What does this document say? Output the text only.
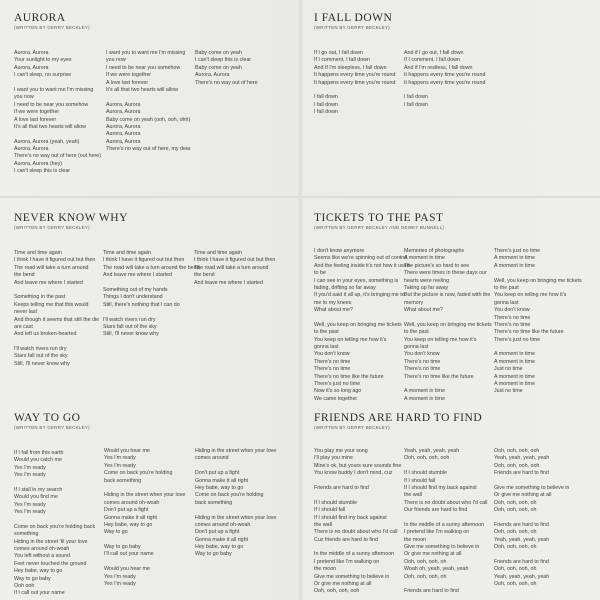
AURORA
(WRITTEN BY GERRY BECKLEY)
Aurora, Aurora
Your sunlight to my eyes
Aurora, Aurora
I can't sleep, no surprise
I want you to want me I'm missing
you now
I need to be near you somehow
If we were together
A love last forever
It's all that two hearts will allow
Aurora, Aurora (yeah, yeah)
Aurora, Aurora
There's no way out of here (out here)
Aurora, Aurora (hey)
I can't sleep this is clear
I want you to want me I'm missing
you now
I need to be near you somehow
If we were together
A love last forever
It's all that two hearts will allow
Aurora, Aurora
Aurora, Aurora
Baby come on yeah (ooh, ooh, ohh)
Aurora, Aurora
Aurora, Aurora
Aurora, Aurora
There's no way out of here, my dear
Baby come on yeah
I can't sleep this is clear
Baby come on yeah
Aurora, Aurora
There's no way out of here
I FALL DOWN
(WRITTEN BY GERRY BECKLEY)
If I go out, I fall down
If I comment, I fall down
And If I'm sleepless, I fall down
It happens every time you're round
It happens every time you're round
I fall down
I fall down
I fall down
And if I go out, I fall down
If I comment, I fall down
And if I'm restless, I fall down
It happens every time you're round
It happens every time you're round
I fall down
I fall down
NEVER KNOW WHY
(WRITTEN BY GERRY BECKLEY)
Time and time again
I think I have it figured out but then
The road will take a turn around
the bend
And leave me where I started
Something in the past
Keeps telling me that this would
never last
And though it seems that still the die
are cast
And left us broken-hearted
I'll watch rivers run dry
Stars fall out of the sky
Still, I'll never know why
Time and time again
I think I have it figured out but then
The road will take a turn around the bend
And leave me where I started
Something out of my hands
Things I don't understand
Still, there's nothing that I can do
I'll watch rivers run dry
Stars fall out of the sky
Still, I'll never know why
Time and time again
I think I have it figured out but then
The road will take a turn around
the bend
And leave me where I started
TICKETS TO THE PAST
(WRITTEN BY GERRY BECKLEY AND DEWEY BUNNELL)
I don't know anymore
Seems like we're spinning out of control
And the feeling inside it's not how it used
to be
I can see in your eyes, something is
fading, drifting so far away
If you'd said it all up, it's bringing me to
me to my knees
What about me?
Well, you keep on bringing me tickets
to the past
You keep on telling me how it's
gonna last
You don't know
There's no time
There's no time
There's no time like the future
There's just no time
Now it's so long ago
We came together
Memories of photographs
A moment in time
The picture's so hard to see
There were times in these days our
hearts were reeling
Taking up far away
But the picture is now, faded with the
memory
What about me?
Well, you keep on bringing me tickets
to the past
You keep on telling me how it's
gonna last
You don't know
There's no time
There's no time
There's no time like the future
A moment in time
A moment in time
There's just no time
A moment in time
A moment in time
Well, you keep on bringing me tickets
to the past
You keep on telling me how it's
gonna last
You don't know
There's no time
There's no time
There's no time like the future
There's just no time
A moment in time
A moment in time
Just no time
A moment in time
A moment in time
Just no time
WAY TO GO
(WRITTEN BY GERRY BECKLEY)
If I fall from this earth
Would you catch me
Yes I'm ready
Yes I'm ready
If I stall in my search
Would you find me
Yes I'm ready
Yes I'm ready
Come on back you're holding back
something
Hiding in the street 'til your love
comes around oh-woah
You left without a sound
Feet never touched the ground
Hey babe, way to go
Way to go baby
Ooh ooh
If I call out your name
Would you hear me
Yes I'm ready
Yes I'm ready
Come on back you're holding
back something
Hiding in the street when your love
comes around oh-woah
Don't put up a fight
Gonna make it all right
Hey babe, way to go
Way to go
Way to go baby
I'll call out your name
Would you hear me
Yes I'm ready
Yes I'm ready
Hiding in the street when your love
comes around
Don't put up a fight
Gonna make it all right
Hey babe, way to go
Come on back you're holding
back something
Hiding in the street when your love
comes around oh-woah
Don't put up a fight
Gonna make it all right
Hey babe, way to go
Way to go baby
FRIENDS ARE HARD TO FIND
(WRITTEN BY GERRY BECKLEY)
You play me your song
I'll play you mine
Mine's ok, but yours sure sounds fine
You know buddy I don't mind, cuz
Friends are hard to find
If I should stumble
If I should fall
If I should find my back against
the wall
There is no doubt about who I'd call
Cuz friends are hard to find
In the middle of a sunny afternoon
I pretend like I'm walking on
the moon
Give me something to believe in
Or give me nothing at all
Ooh, ooh, ooh, ooh
Yeah, yeah, yeah, yeah
Ooh, ooh, ooh, ooh
If I should stumble
If I should fall
If I should find my back against
the wall
There is no doubt about who I'd call
Our friends are hard to find
In the middle of a sunny afternoon
I pretend like I'm walking on
the moon
Give me something to believe in
Or give me nothing at all
Ooh, ooh, ooh, oh
Woah oh, yeah, yeah, yeah
Ooh, ooh, ooh, oh
Friends are hard to find
Ooh, ooh, ooh, ooh
Yeah, yeah, yeah, yeah
Ooh, ooh, ooh, ooh
Friends are hard to find
Give me something to believe in
Or give me nothing at all
Ooh, ooh, ooh, oh
Ooh, ooh, ooh, oh
Friends are hard to find
Ooh, ooh, ooh, oh
Yeah, yeah, yeah, yeah
Ooh, ooh, ooh, oh
Friends are hard to find
Ooh, ooh, ooh, oh
Yeah, yeah, yeah, yeah
Ooh, ooh, ooh, oh
